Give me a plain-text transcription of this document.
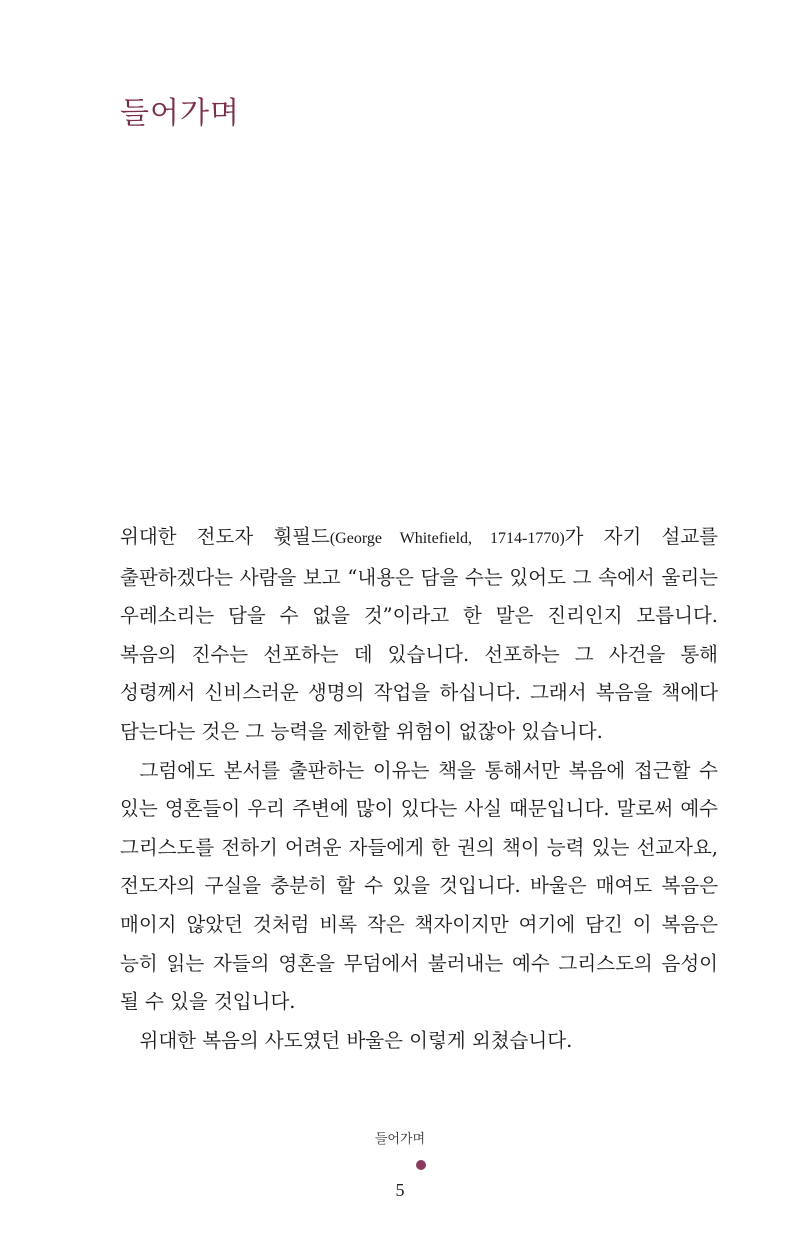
들어가며

위대한 전도자 휫필드(George Whitefield, 1714-1770)가 자기 설교를 출판하겠다는 사람을 보고 “내용은 담을 수는 있어도 그 속에서 울리는 우레소리는 담을 수 없을 것”이라고 한 말은 진리인지 모릅니다. 복음의 진수는 선포하는 데 있습니다. 선포하는 그 사건을 통해 성령께서 신비스러운 생명의 작업을 하십니다. 그래서 복음을 책에다 담는다는 것은 그 능력을 제한할 위험이 없잖아 있습니다.

그럼에도 본서를 출판하는 이유는 책을 통해서만 복음에 접근할 수 있는 영혼들이 우리 주변에 많이 있다는 사실 때문입니다. 말로써 예수 그리스도를 전하기 어려운 자들에게 한 권의 책이 능력 있는 선교자요, 전도자의 구실을 충분히 할 수 있을 것입니다. 바울은 매여도 복음은 매이지 않았던 것처럼 비록 작은 책자이지만 여기에 담긴 이 복음은 능히 읽는 자들의 영혼을 무덤에서 불러내는 예수 그리스도의 음성이 될 수 있을 것입니다.

위대한 복음의 사도였던 바울은 이렇게 외쳤습니다.

들어가며
5
